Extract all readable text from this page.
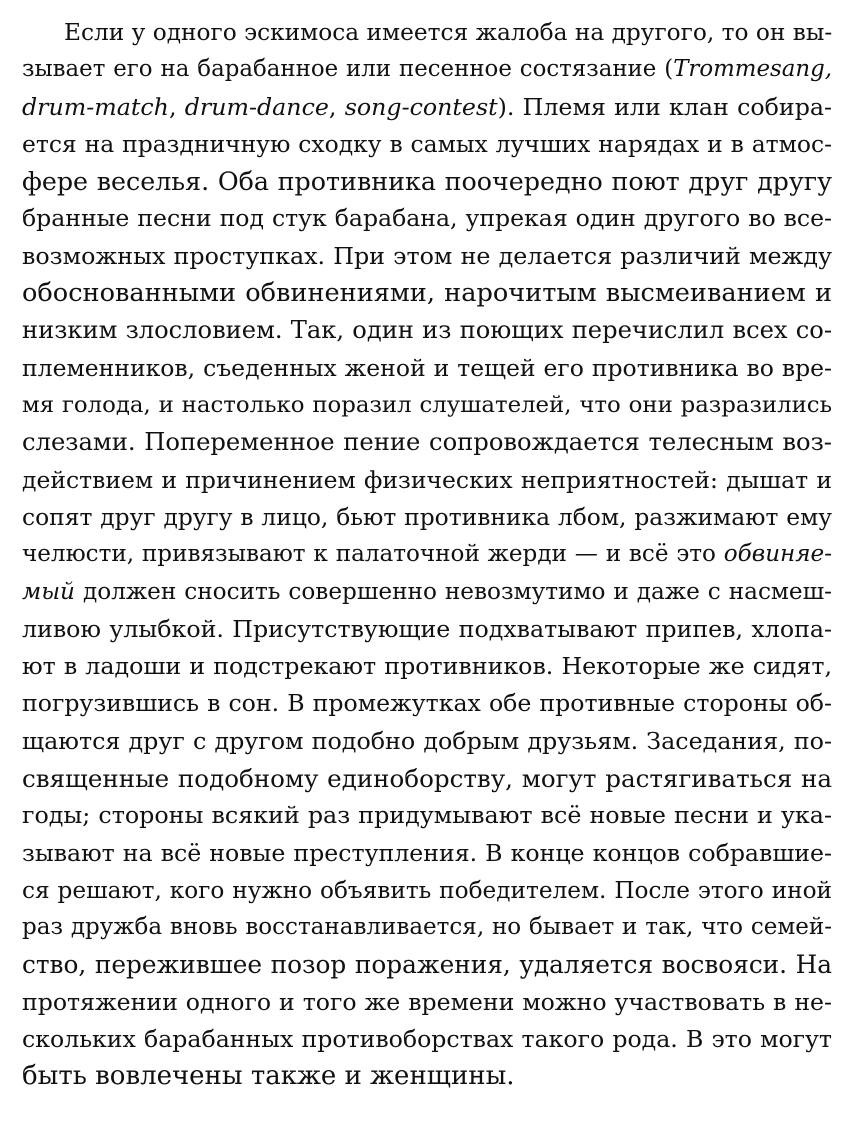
Если у одного эскимоса имеется жалоба на другого, то он вы-
зывает его на барабанное или песенное состязание (Trommesang,
drum-match, drum-dance, song-contest). Племя или клан собира-
ется на праздничную сходку в самых лучших нарядах и в атмос-
фере веселья. Оба противника поочередно поют друг другу
бранные песни под стук барабана, упрекая один другого во все-
возможных проступках. При этом не делается различий между
обоснованными обвинениями, нарочитым высмеиванием и
низким злословием. Так, один из поющих перечислил всех со-
племенников, съеденных женой и тещей его противника во вре-
мя голода, и настолько поразил слушателей, что они разразились
слезами. Попеременное пение сопровождается телесным воз-
действием и причинением физических неприятностей: дышат и
сопят друг другу в лицо, бьют противника лбом, разжимают ему
челюсти, привязывают к палаточной жерди — и всё это обвиняе-
мый должен сносить совершенно невозмутимо и даже с насмеш-
ливою улыбкой. Присутствующие подхватывают припев, хлопа-
ют в ладоши и подстрекают противников. Некоторые же сидят,
погрузившись в сон. В промежутках обе противные стороны об-
щаются друг с другом подобно добрым друзьям. Заседания, по-
священные подобному единоборству, могут растягиваться на
годы; стороны всякий раз придумывают всё новые песни и ука-
зывают на всё новые преступления. В конце концов собравшие-
ся решают, кого нужно объявить победителем. После этого иной
раз дружба вновь восстанавливается, но бывает и так, что семей-
ство, пережившее позор поражения, удаляется восвояси. На
протяжении одного и того же времени можно участвовать в не-
скольких барабанных противоборствах такого рода. В это могут
быть вовлечены также и женщины.
